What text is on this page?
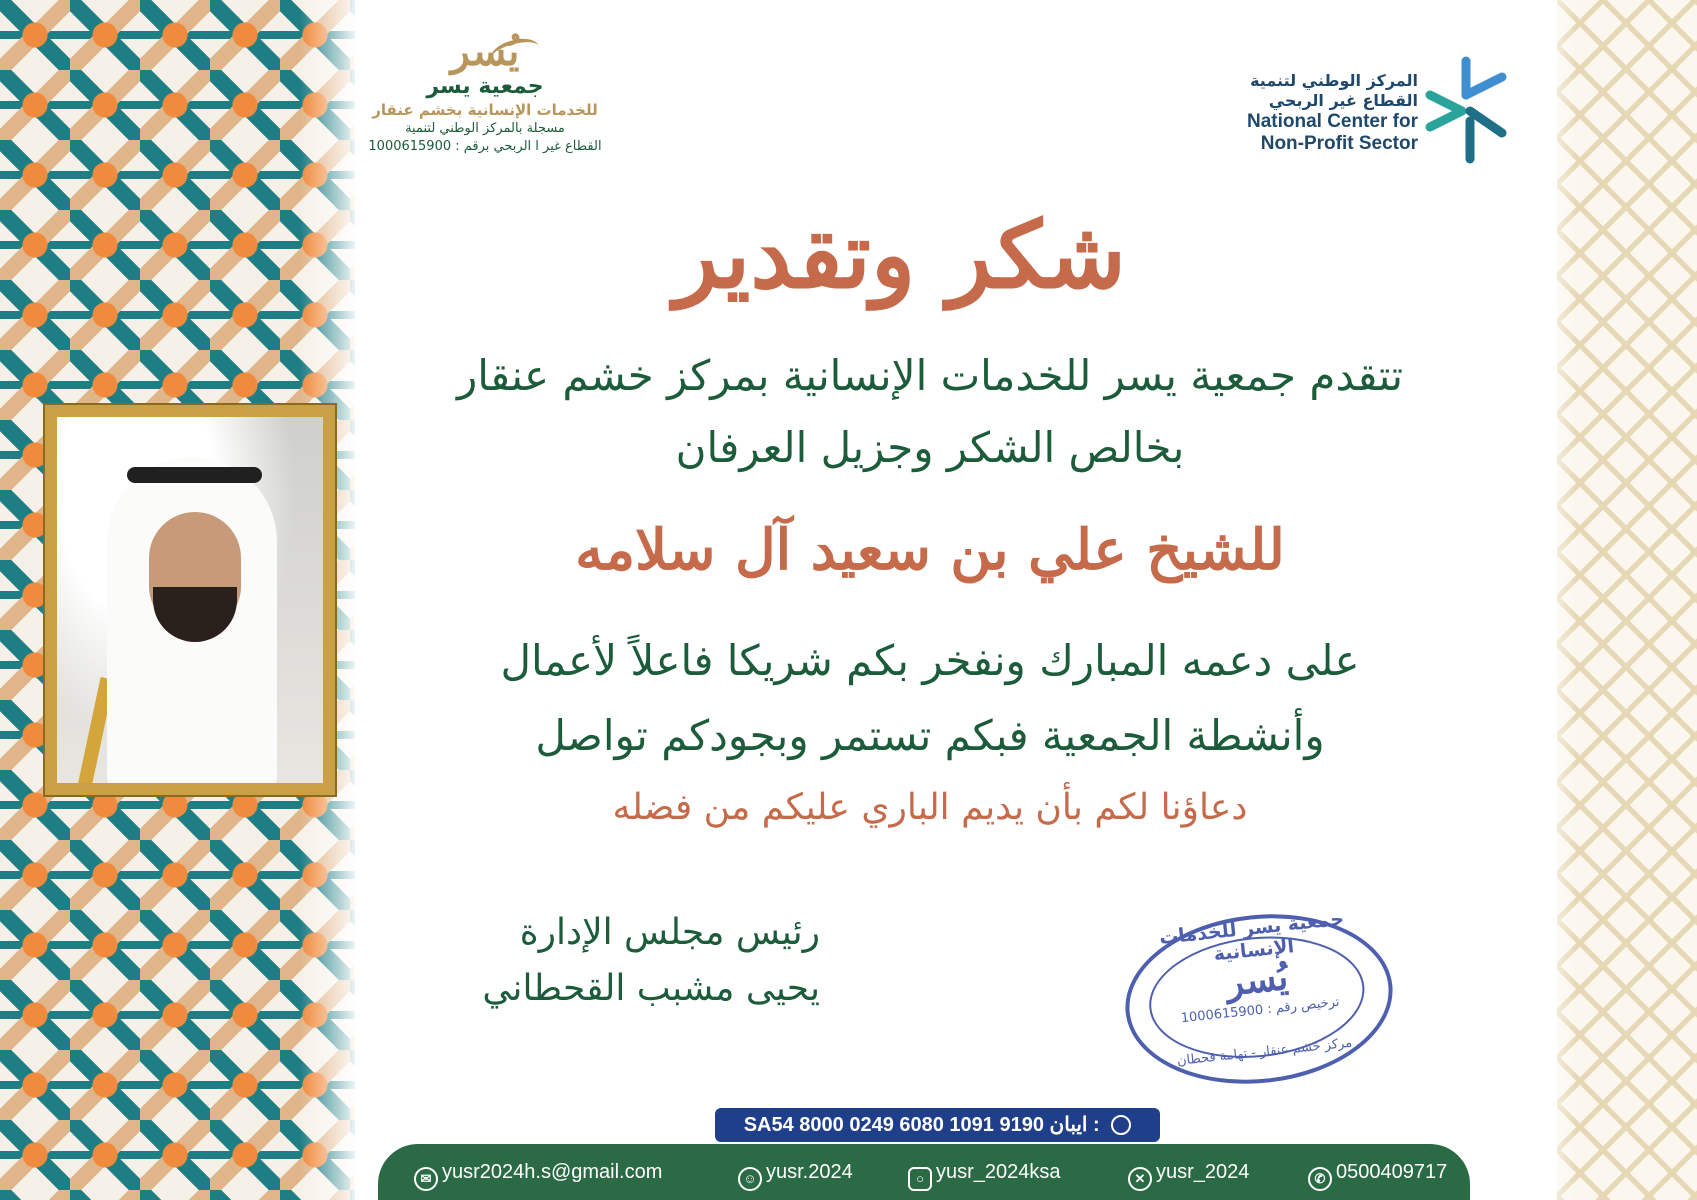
يُسر
جمعية يسر
للخدمات الإنسانية بخشم عنقار
مسجلة بالمركز الوطني لتنمية
القطاع غير ا الربحي برقم : 1000615900
المركز الوطني لتنمية
القطاع غير الربحي
National Center for
Non-Profit Sector
شكر وتقدير
تتقدم جمعية يسر للخدمات الإنسانية بمركز خشم عنقار
بخالص الشكر وجزيل العرفان
للشيخ علي بن سعيد آل سلامه
على دعمه المبارك ونفخر بكم شريكا فاعلاً لأعمال
وأنشطة الجمعية فبكم تستمر وبجودكم تواصل
دعاؤنا لكم بأن يديم الباري عليكم من فضله
رئيس مجلس الإدارة
يحيى مشبب القحطاني
جمعية يسر للخدمات الإنسانية
يُسر
ترخيص رقم : 1000615900
مركز خشم عنقار - تهامة قحطان
SA54 8000 0249 6080 1091 9190 ايبان :
✉ yusr2024h.s@gmail.com	☺ yusr.2024	○ yusr_2024ksa	✕ yusr_2024	✆ 0500409717
